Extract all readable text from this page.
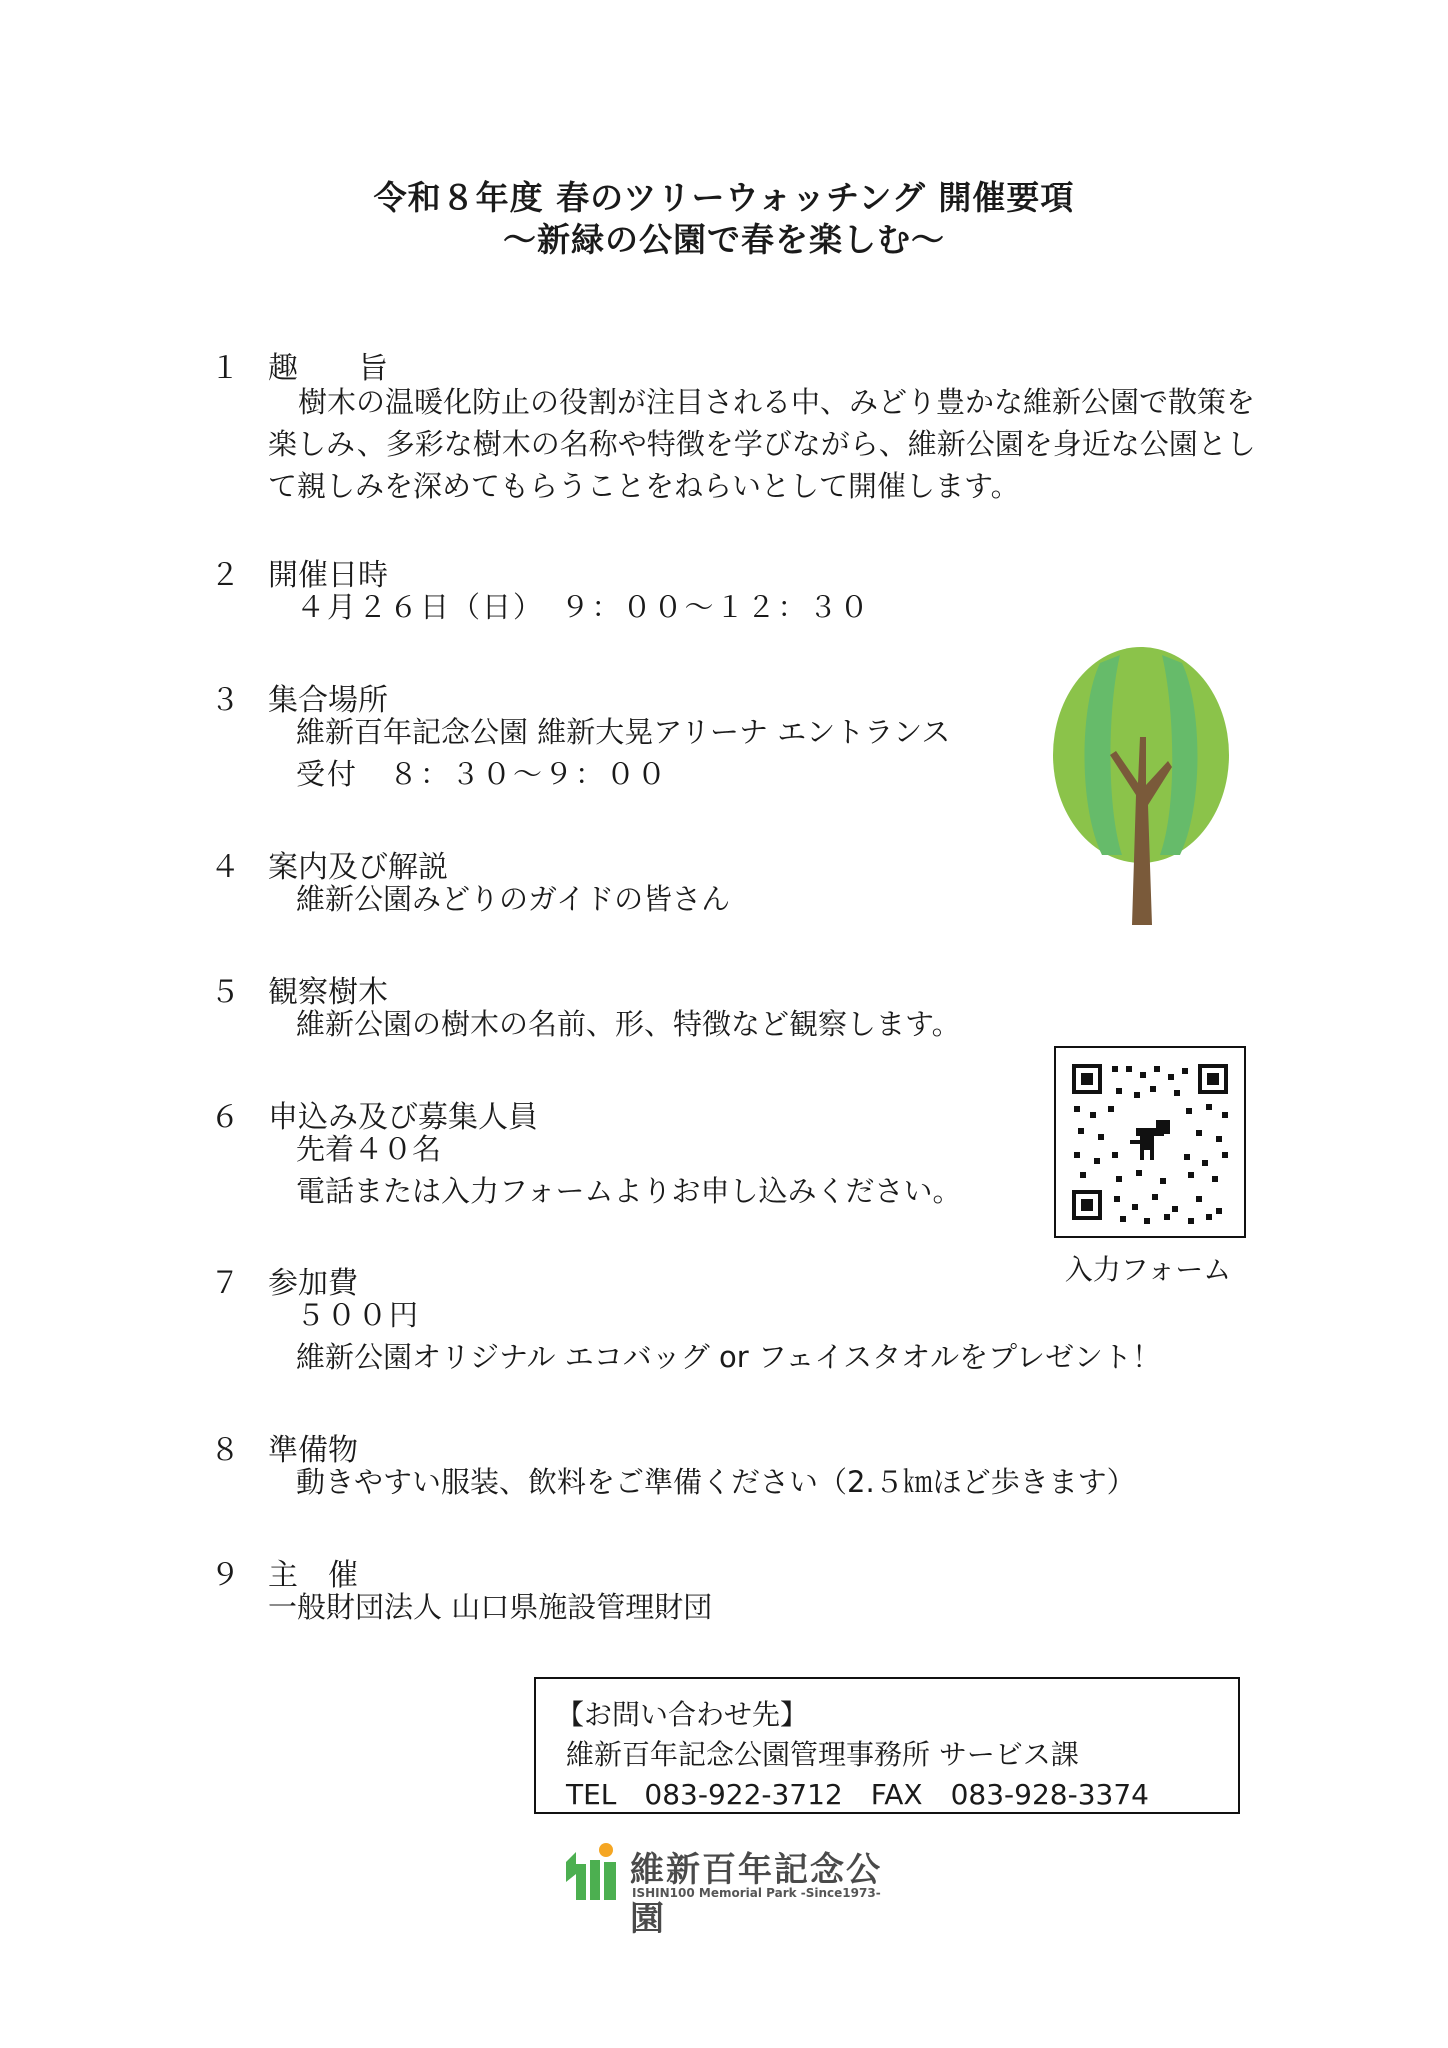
令和８年度 春のツリーウォッチング 開催要項
～新緑の公園で春を楽しむ～
１ 趣　　旨
樹木の温暖化防止の役割が注目される中、みどり豊かな維新公園で散策を楽しみ、多彩な樹木の名称や特徴を学びながら、維新公園を身近な公園として親しみを深めてもらうことをねらいとして開催します。
２ 開催日時
４月２６日（日）　９：００～１２：３０
３ 集合場所
維新百年記念公園 維新大晃アリーナ エントランス
受付　８：３０～９：００
４ 案内及び解説
維新公園みどりのガイドの皆さん
５ 観察樹木
維新公園の樹木の名前、形、特徴など観察します。
６ 申込み及び募集人員
先着４０名
電話または入力フォームよりお申し込みください。
７ 参加費
５００円
維新公園オリジナル エコバッグ or フェイスタオルをプレゼント！
８ 準備物
動きやすい服装、飲料をご準備ください（2.５㎞ほど歩きます）
９ 主　催
一般財団法人 山口県施設管理財団
入力フォーム
【お問い合わせ先】
維新百年記念公園管理事務所 サービス課
TEL　083-922-3712　FAX　083-928-3374
維新百年記念公園
ISHIN100 Memorial Park -Since1973-
